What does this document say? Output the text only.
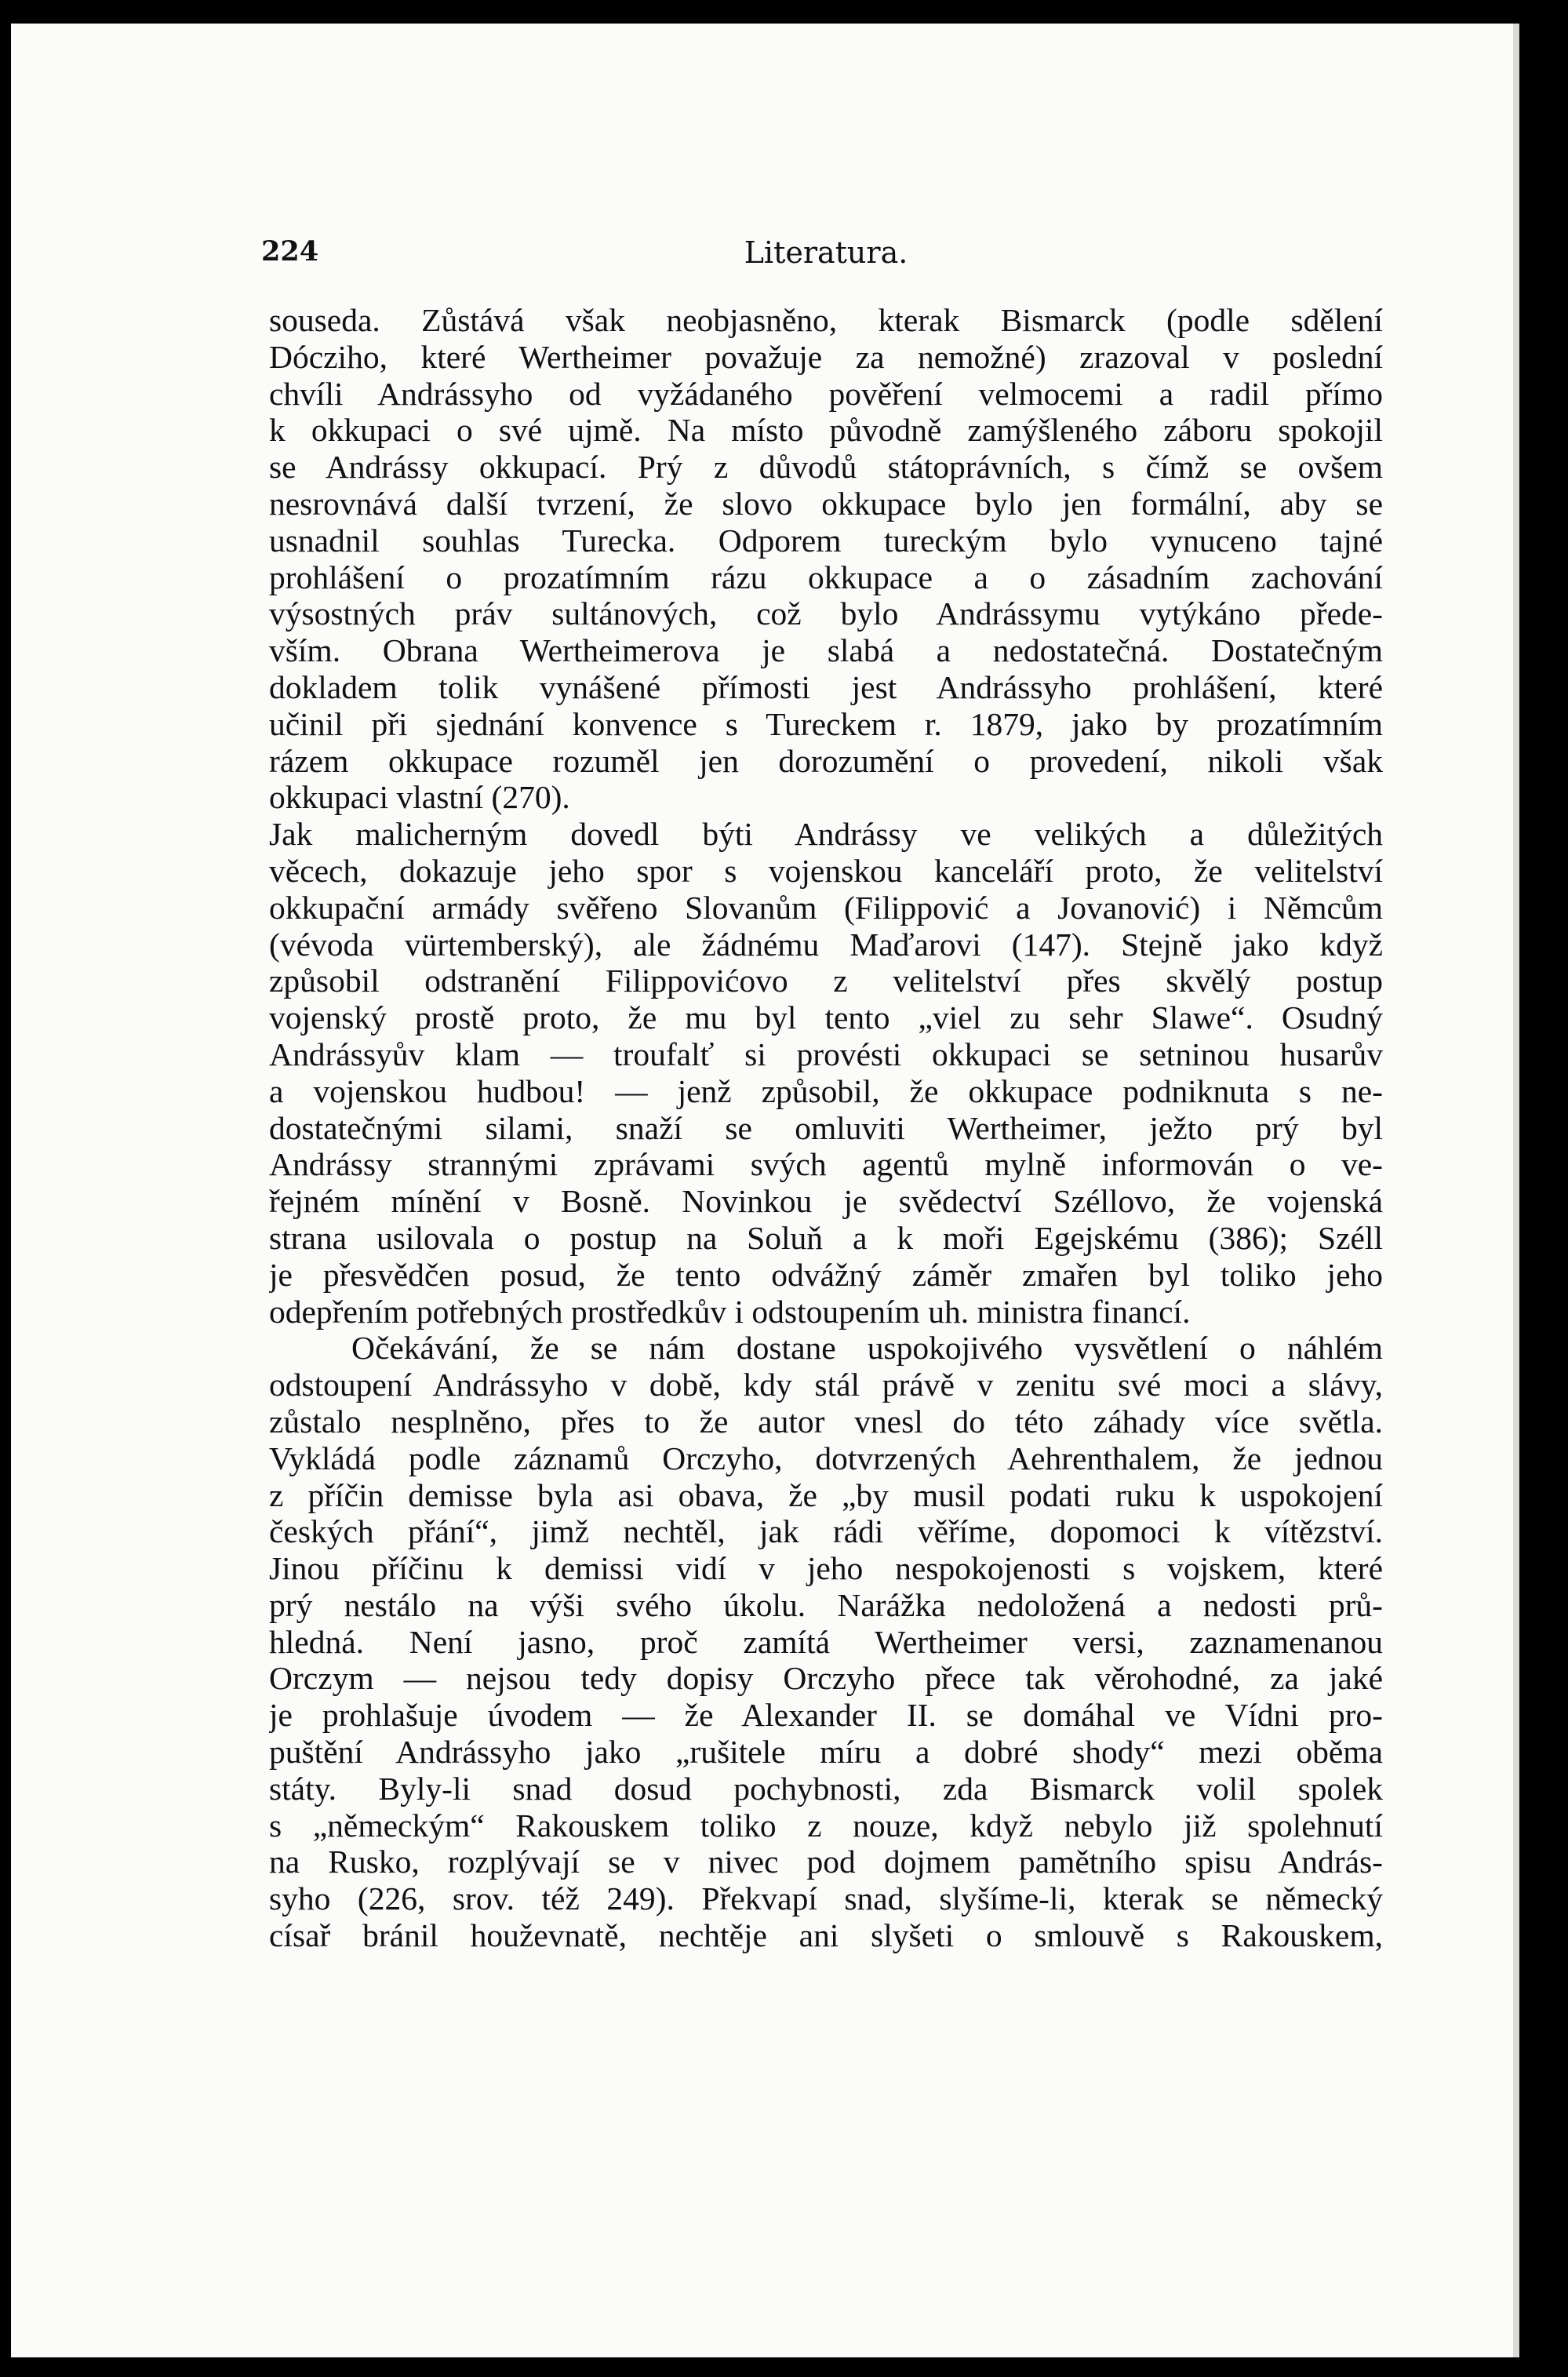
224	Literatura.
souseda. Zůstává však neobjasněno, kterak Bismarck (podle sdělení
Dócziho, které Wertheimer považuje za nemožné) zrazoval v poslední
chvíli Andrássyho od vyžádaného pověření velmocemi a radil přímo
k okkupaci o své ujmě. Na místo původně zamýšleného záboru spokojil
se Andrássy okkupací. Prý z důvodů státoprávních, s čímž se ovšem
nesrovnává další tvrzení, že slovo okkupace bylo jen formální, aby se
usnadnil souhlas Turecka. Odporem tureckým bylo vynuceno tajné
prohlášení o prozatímním rázu okkupace a o zásadním zachování
výsostných práv sultánových, což bylo Andrássymu vytýkáno přede-
vším. Obrana Wertheimerova je slabá a nedostatečná. Dostatečným
dokladem tolik vynášené přímosti jest Andrássyho prohlášení, které
učinil při sjednání konvence s Tureckem r. 1879, jako by prozatímním
rázem okkupace rozuměl jen dorozumění o provedení, nikoli však
okkupaci vlastní (270).
Jak malicherným dovedl býti Andrássy ve velikých a důležitých
věcech, dokazuje jeho spor s vojenskou kanceláří proto, že velitelství
okkupační armády svěřeno Slovanům (Filippović a Jovanović) i Němcům
(vévoda vürtemberský), ale žádnému Maďarovi (147). Stejně jako když
způsobil odstranění Filippovićovo z velitelství přes skvělý postup
vojenský prostě proto, že mu byl tento „viel zu sehr Slawe“. Osudný
Andrássyův klam — troufalť si provésti okkupaci se setninou husarův
a vojenskou hudbou! — jenž způsobil, že okkupace podniknuta s ne-
dostatečnými silami, snaží se omluviti Wertheimer, ježto prý byl
Andrássy strannými zprávami svých agentů mylně informován o ve-
řejném mínění v Bosně. Novinkou je svědectví Széllovo, že vojenská
strana usilovala o postup na Soluň a k moři Egejskému (386); Széll
je přesvědčen posud, že tento odvážný záměr zmařen byl toliko jeho
odepřením potřebných prostředkův i odstoupením uh. ministra financí.
Očekávání, že se nám dostane uspokojivého vysvětlení o náhlém
odstoupení Andrássyho v době, kdy stál právě v zenitu své moci a slávy,
zůstalo nesplněno, přes to že autor vnesl do této záhady více světla.
Vykládá podle záznamů Orczyho, dotvrzených Aehrenthalem, že jednou
z příčin demisse byla asi obava, že „by musil podati ruku k uspokojení
českých přání“, jimž nechtěl, jak rádi věříme, dopomoci k vítězství.
Jinou příčinu k demissi vidí v jeho nespokojenosti s vojskem, které
prý nestálo na výši svého úkolu. Narážka nedoložená a nedosti prů-
hledná. Není jasno, proč zamítá Wertheimer versi, zaznamenanou
Orczym — nejsou tedy dopisy Orczyho přece tak věrohodné, za jaké
je prohlašuje úvodem — že Alexander II. se domáhal ve Vídni pro-
puštění Andrássyho jako „rušitele míru a dobré shody“ mezi oběma
státy. Byly-li snad dosud pochybnosti, zda Bismarck volil spolek
s „německým“ Rakouskem toliko z nouze, když nebylo již spolehnutí
na Rusko, rozplývají se v nivec pod dojmem pamětního spisu András-
syho (226, srov. též 249). Překvapí snad, slyšíme-li, kterak se německý
císař bránil houževnatě, nechtěje ani slyšeti o smlouvě s Rakouskem,
